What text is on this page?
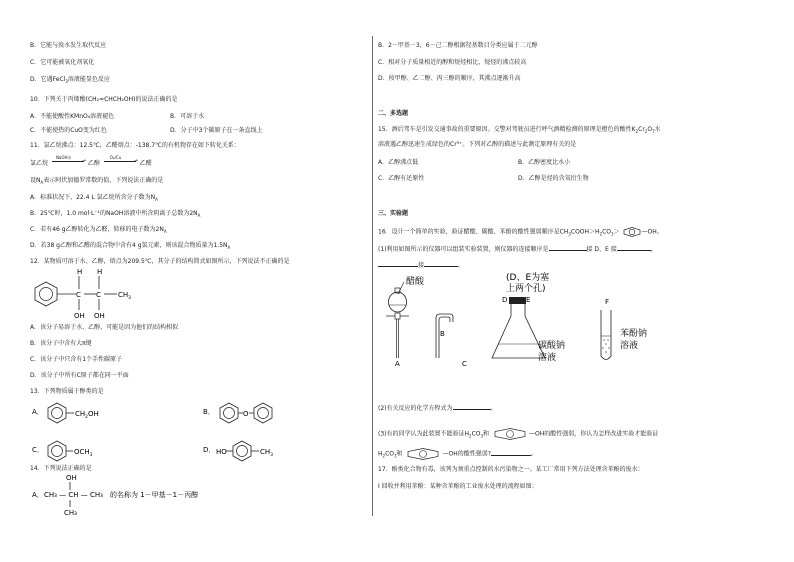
B．它能与溴水发生取代反应
C．它可能被氧化剂氧化
D．它遇FeCl$_3$溶液能显色反应
10．下列关于丙烯酸(CH₂=CHCH₂OH)的说法正确的是
A．不能使酸性KMnO₄溶液褪色	B．可溶于水
C．不能使热的CuO变为红色	D．分子中3个碳原子在一条直线上
11．氯乙烷沸点：12.5℃，乙醛熔点：-138.7℃的有机物存在如下转化关系：
氯乙烷
NaOH水
→ 乙醇
O₂/Cu
→ 乙醛
设$N_A$表示阿伏加德罗常数的值，下列说法正确的是
A．标准状况下，22.4 L 氯乙烷所含分子数为$N_A$
B．25℃时，1.0 mol·L⁻¹的NaOH溶液中所含阴离子总数为$2N_A$
C．若有46 g乙醇转化为乙醛，转移的电子数为$2N_A$
D．若38 g乙醇和乙醛的混合物中含有4 g氢元素，则该混合物质量为$1.5N_A$
12．某物质可溶于水、乙醇，熔点为209.5℃，其分子的结构简式如图所示，下列说法不正确的是
C C $CH_3$
H H
OH OH
A．该分子易溶于水、乙醇，可能是因为他们的结构相似
B．该分子中含有大π键
C．该分子中只含有1个手性碳原子
D．该分子中所有C原子都在同一平面
13．下列物质属于醇类的是
A．	$CH_2OH$	B．	O
C．	$OCH_3$
D． HO	$CH_3$
14．下列说法正确的是
OH
A． CH₃ — CH — CH₃
CH₃
的名称为 1－甲基－1－丙醇
B．2－甲基－3，6－己二醇根据羟基数目分类应属于二元醇
C．相对分子质量相近的醇和烷烃相比，烷烃的沸点较高
D．按甲醇、乙二醇、丙三醇的顺序，其沸点逐渐升高
二、多选题
15．酒后驾车是引发交通事故的重要原因。交警对驾驶员进行呼气酒精检测的原理是橙色的酸性$K_2Cr_2O_7$水
溶液遇乙醇迅速生成绿色的Cr³⁺。下列对乙醇的描述与此测定原理有关的是
A．乙醇沸点低	B．乙醇密度比水小
C．乙醇有还原性	D．乙醇是烃的含氧衍生物
三、实验题
16．设计一个简单的实验，验证醋酸、碳酸、苯酚的酸性强弱顺序是$CH_3COOH>H_2CO_3>$	—OH。
(1)利用如图所示的仪器可以组装实验装置，则仪器的连接顺序是	接 D、E 接	，
接	。
醋酸
A
B
C
(D、E为塞
上两个孔)
D	E
碳酸钠
溶液
F
苯酚钠
溶液
(2)有关反应的化学方程式为	。
(3)有的同学认为此装置不能验证$H_2CO_3$和	—OH的酸性强弱，你认为怎样改进实验才能验证
$H_2CO_3$和	—OH的酸性强弱?	。
17．酚类化合物有毒，该列为须重点控制的水污染物之一。某工厂常用下列方法处理含苯酚的废水：
I 回收并利用苯酚：某种含苯酚的工业废水处理的流程如图：
